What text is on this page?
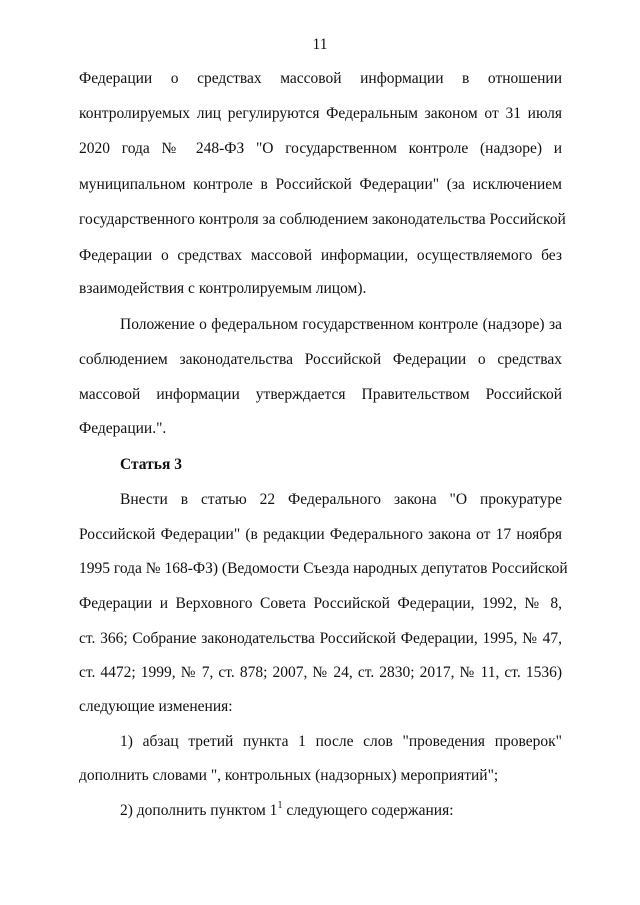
11
Федерации о средствах массовой информации в отношении
контролируемых лиц регулируются Федеральным законом от 31 июля
2020 года № 248-ФЗ "О государственном контроле (надзоре) и
муниципальном контроле в Российской Федерации" (за исключением
государственного контроля за соблюдением законодательства Российской
Федерации о средствах массовой информации, осуществляемого без
взаимодействия с контролируемым лицом).
Положение о федеральном государственном контроле (надзоре) за
соблюдением законодательства Российской Федерации о средствах
массовой информации утверждается Правительством Российской
Федерации.".
Статья 3
Внести в статью 22 Федерального закона "О прокуратуре
Российской Федерации" (в редакции Федерального закона от 17 ноября
1995 года № 168-ФЗ) (Ведомости Съезда народных депутатов Российской
Федерации и Верховного Совета Российской Федерации, 1992, № 8,
ст. 366; Собрание законодательства Российской Федерации, 1995, № 47,
ст. 4472; 1999, № 7, ст. 878; 2007, № 24, ст. 2830; 2017, № 11, ст. 1536)
следующие изменения:
1) абзац третий пункта 1 после слов "проведения проверок"
дополнить словами ", контрольных (надзорных) мероприятий";
2) дополнить пунктом $1^1$ следующего содержания:
